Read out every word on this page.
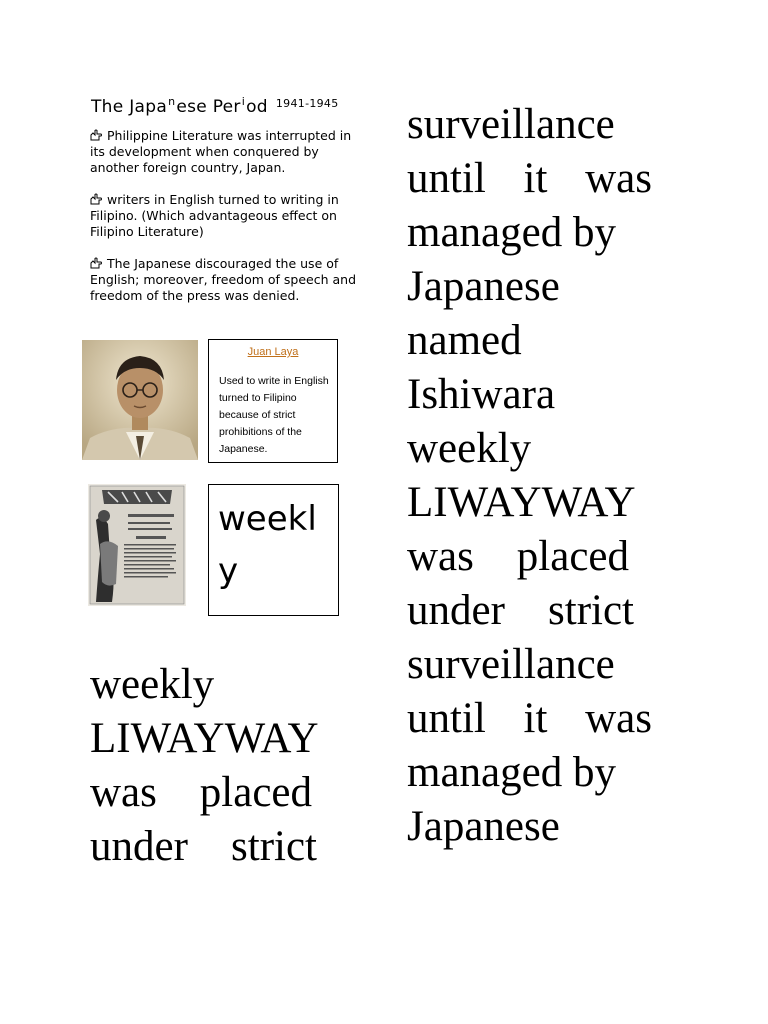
The Japa$^n$ese Per$^i$od $^{1941-1945}$
Philippine Literature was interrupted in its development when conquered by another foreign country, Japan.
writers in English turned to writing in Filipino. (Which advantageous effect on Filipino Literature)
The Japanese discouraged the use of English; moreover, freedom of speech and freedom of the press was denied.
Juan Laya
Used to write in English turned to Filipino because of strict prohibitions of the Japanese.
weekly
weekly
LIWAYWAY
was placed
under strict
surveillance
until it was
managed by
Japanese
named
Ishiwara
weekly
LIWAYWAY
was placed
under strict
surveillance
until it was
managed by
Japanese
